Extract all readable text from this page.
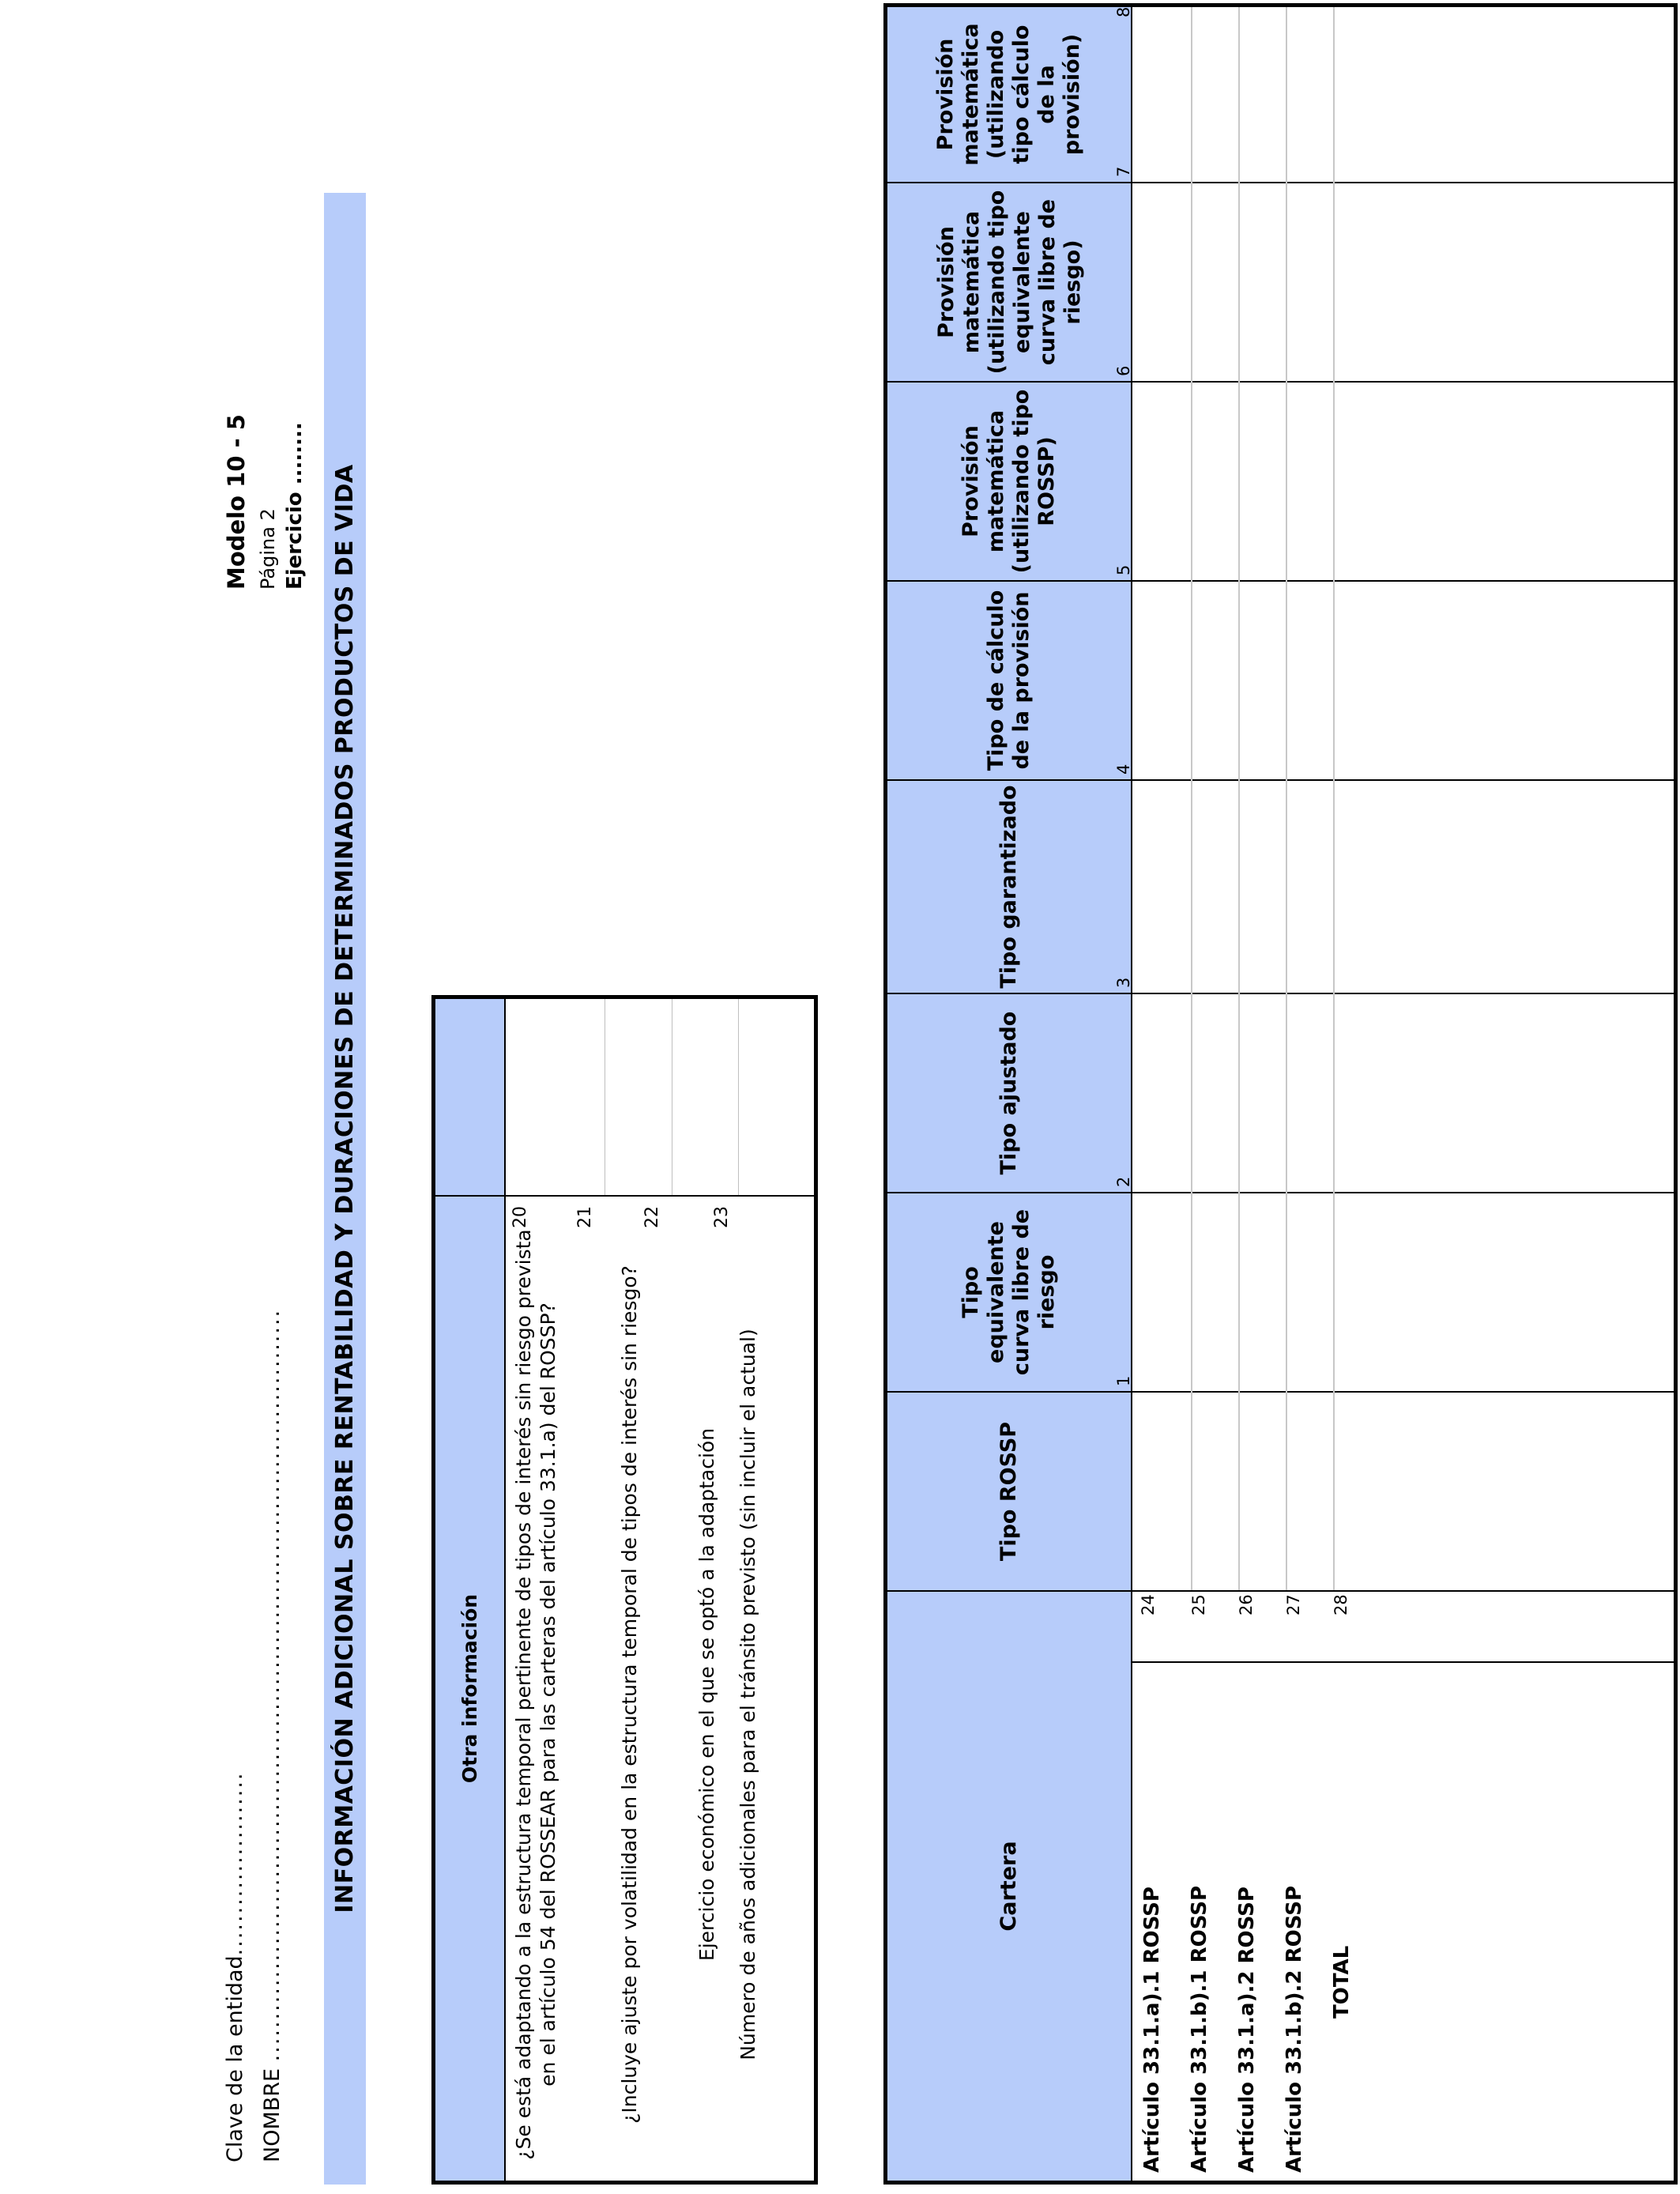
Clave de la entidad......................
NOMBRE ..........................................................................................
Modelo 10 - 5 Página 2 Ejercicio ........ INFORMACIÓN ADICIONAL SOBRE RENTABILIDAD Y DURACIONES DE DETERMINADOS PRODUCTOS DE VIDA	Otra información ¿Se está adaptando a la estructura temporal pertinente de tipos de interés sin riesgo prevista en el artículo 54 del ROSSEAR para las carteras del artículo 33.1.a) del ROSSP?
20
¿Incluye ajuste por volatilidad en la estructura temporal de tipos de interés sin riesgo?
21
Ejercicio económico en el que se optó a la adaptación
22
Número de años adicionales para el tránsito previsto (sin incluir el actual)
23
Cartera
Tipo ROSSP
1
Tipo equivalente curva libre de riesgo
2
Tipo ajustado
3
Tipo garantizado
4
Tipo de cálculo de la provisión
5
Provisión matemática (utilizando tipo ROSSP)
6
Provisión matemática (utilizando tipo equivalente curva libre de riesgo)
7
Provisión matemática (utilizando tipo cálculo de la provisión)
8
Artículo 33.1.a).1 ROSSP Artículo 33.1.b).1 ROSSP Artículo 33.1.a).2 ROSSP Artículo 33.1.b).2 ROSSP TOTAL
24 25 26 27 28
